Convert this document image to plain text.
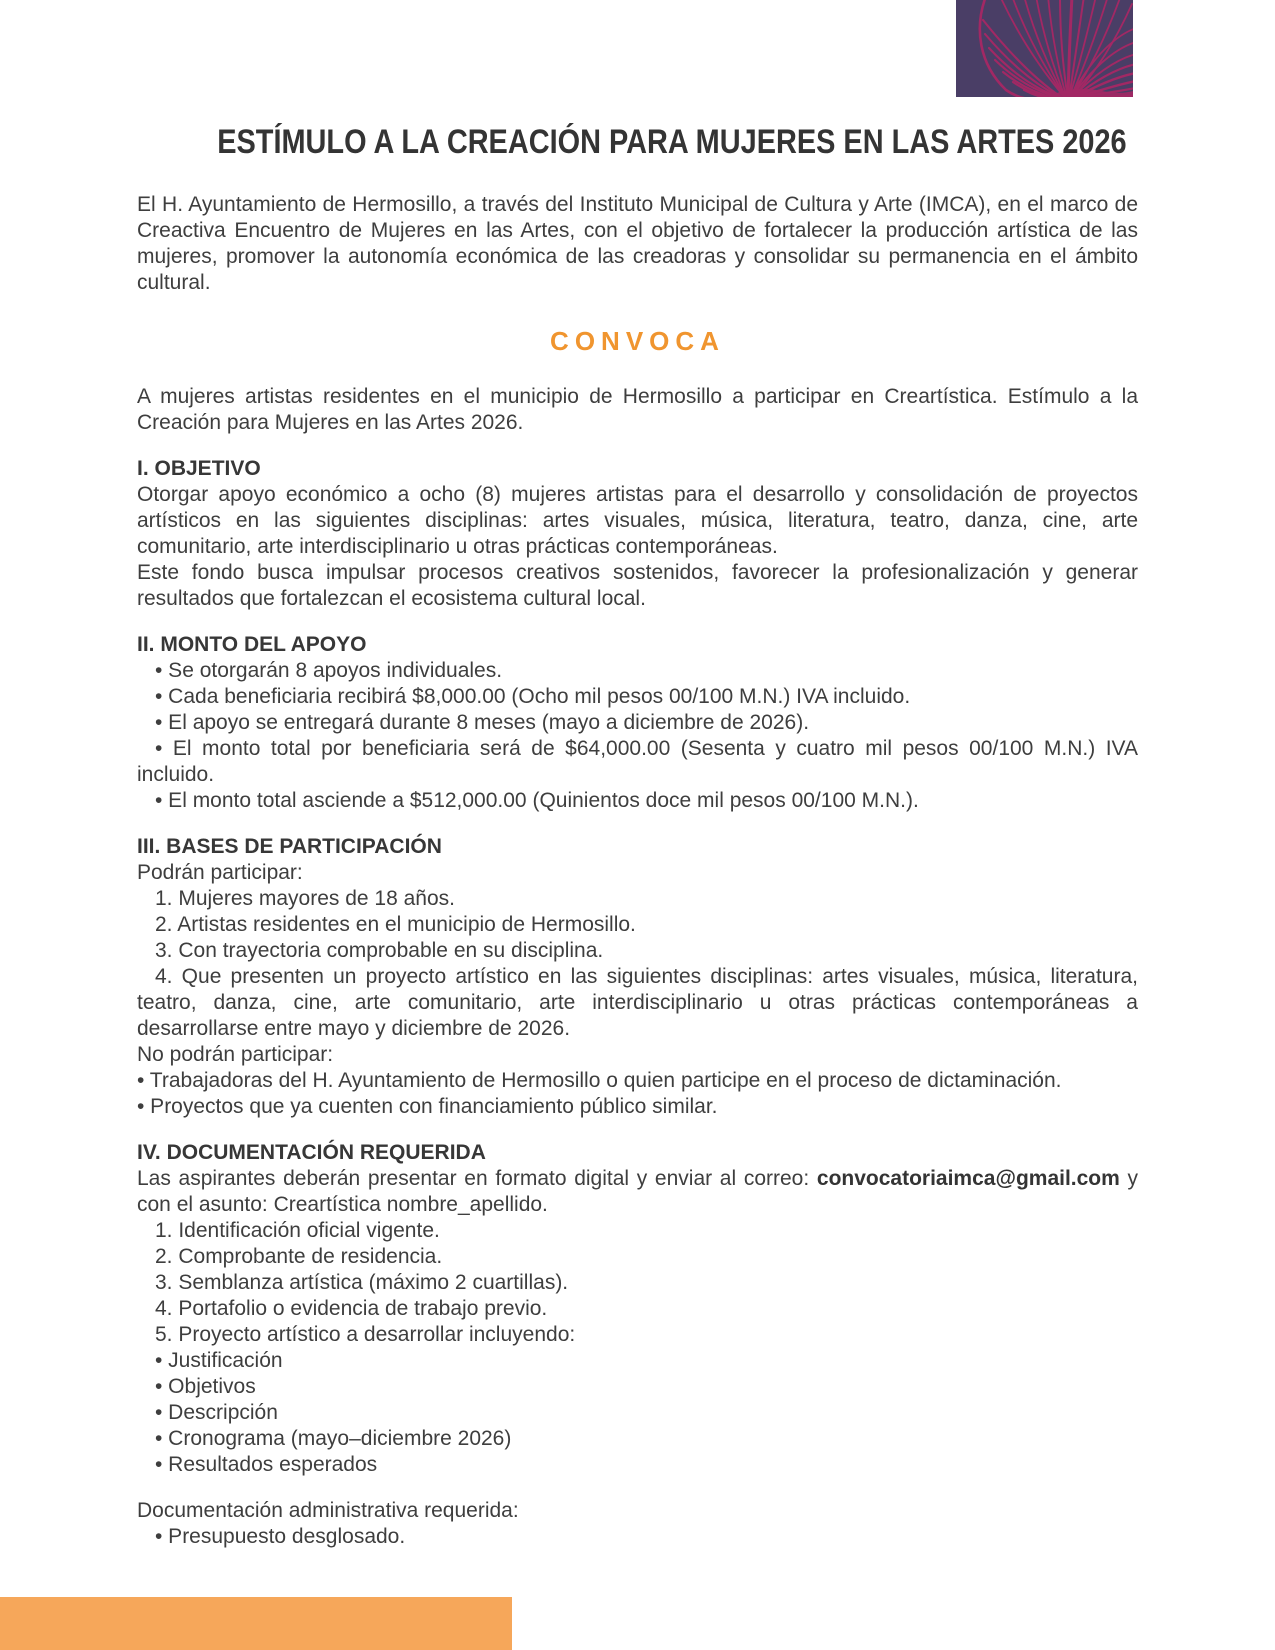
ESTÍMULO A LA CREACIÓN PARA MUJERES EN LAS ARTES 2026

El H. Ayuntamiento de Hermosillo, a través del Instituto Municipal de Cultura y Arte (IMCA), en el marco de Creactiva Encuentro de Mujeres en las Artes, con el objetivo de fortalecer la producción artística de las mujeres, promover la autonomía económica de las creadoras y consolidar su permanencia en el ámbito cultural.

CONVOCA

A mujeres artistas residentes en el municipio de Hermosillo a participar en Creartística. Estímulo a la Creación para Mujeres en las Artes 2026.

I. OBJETIVO

Otorgar apoyo económico a ocho (8) mujeres artistas para el desarrollo y consolidación de proyectos artísticos en las siguientes disciplinas: artes visuales, música, literatura, teatro, danza, cine, arte comunitario, arte interdisciplinario u otras prácticas contemporáneas.

Este fondo busca impulsar procesos creativos sostenidos, favorecer la profesionalización y generar resultados que fortalezcan el ecosistema cultural local.

II. MONTO DEL APOYO

• Se otorgarán 8 apoyos individuales.

• Cada beneficiaria recibirá $8,000.00 (Ocho mil pesos 00/100 M.N.) IVA incluido.

• El apoyo se entregará durante 8 meses (mayo a diciembre de 2026).

• El monto total por beneficiaria será de $64,000.00 (Sesenta y cuatro mil pesos 00/100 M.N.) IVA incluido.

• El monto total asciende a $512,000.00 (Quinientos doce mil pesos 00/100 M.N.).

III. BASES DE PARTICIPACIÓN

Podrán participar:

1. Mujeres mayores de 18 años.

2. Artistas residentes en el municipio de Hermosillo.

3. Con trayectoria comprobable en su disciplina.

4. Que presenten un proyecto artístico en las siguientes disciplinas: artes visuales, música, literatura, teatro, danza, cine, arte comunitario, arte interdisciplinario u otras prácticas contemporáneas a desarrollarse entre mayo y diciembre de 2026.

No podrán participar:

• Trabajadoras del H. Ayuntamiento de Hermosillo o quien participe en el proceso de dictaminación.

• Proyectos que ya cuenten con financiamiento público similar.

IV. DOCUMENTACIÓN REQUERIDA

Las aspirantes deberán presentar en formato digital y enviar al correo: convocatoriaimca@gmail.com y con el asunto: Creartística nombre_apellido.

1. Identificación oficial vigente.

2. Comprobante de residencia.

3. Semblanza artística (máximo 2 cuartillas).

4. Portafolio o evidencia de trabajo previo.

5. Proyecto artístico a desarrollar incluyendo:

• Justificación

• Objetivos

• Descripción

• Cronograma (mayo–diciembre 2026)

• Resultados esperados

Documentación administrativa requerida:

• Presupuesto desglosado.
